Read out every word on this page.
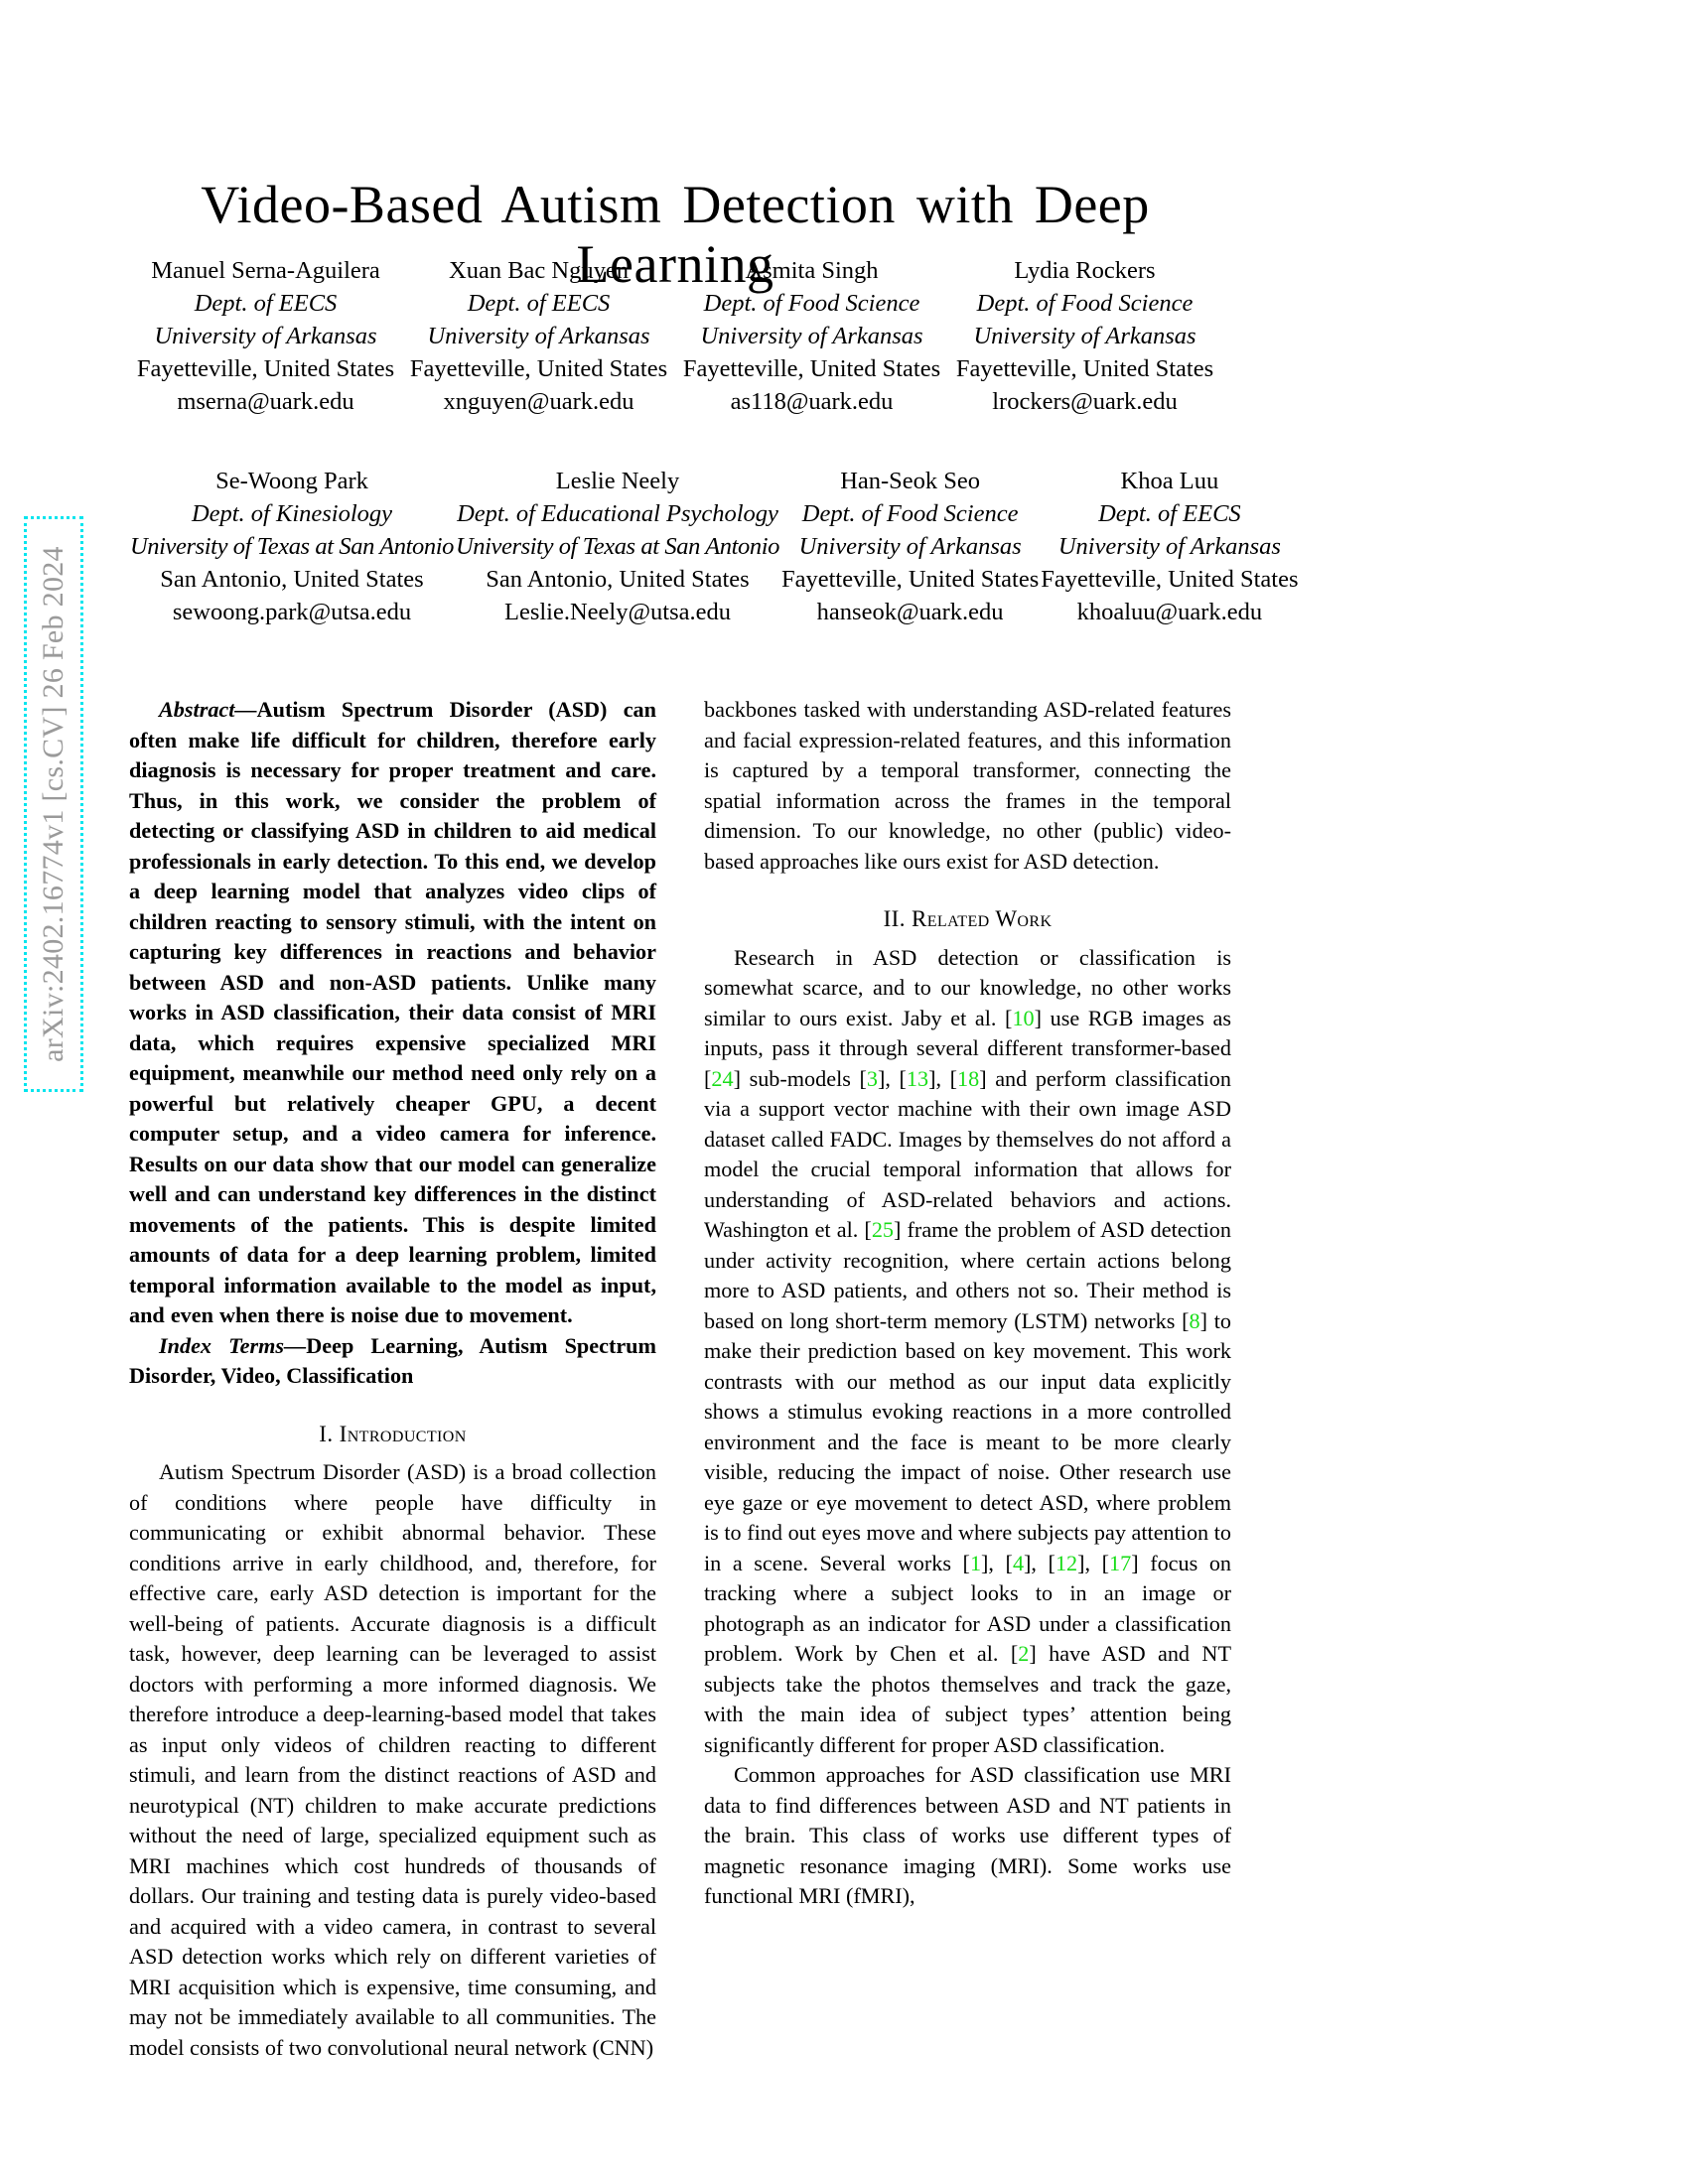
arXiv:2402.16774v1 [cs.CV] 26 Feb 2024
Video-Based Autism Detection with Deep Learning
Manuel Serna-Aguilera
Dept. of EECS
University of Arkansas
Fayetteville, United States
mserna@uark.edu
Xuan Bac Nguyen
Dept. of EECS
University of Arkansas
Fayetteville, United States
xnguyen@uark.edu
Asmita Singh
Dept. of Food Science
University of Arkansas
Fayetteville, United States
as118@uark.edu
Lydia Rockers
Dept. of Food Science
University of Arkansas
Fayetteville, United States
lrockers@uark.edu
Se-Woong Park
Dept. of Kinesiology
University of Texas at San Antonio
San Antonio, United States
sewoong.park@utsa.edu
Leslie Neely
Dept. of Educational Psychology
University of Texas at San Antonio
San Antonio, United States
Leslie.Neely@utsa.edu
Han-Seok Seo
Dept. of Food Science
University of Arkansas
Fayetteville, United States
hanseok@uark.edu
Khoa Luu
Dept. of EECS
University of Arkansas
Fayetteville, United States
khoaluu@uark.edu

Abstract—Autism Spectrum Disorder (ASD) can often make life difficult for children, therefore early diagnosis is necessary for proper treatment and care. Thus, in this work, we consider the problem of detecting or classifying ASD in children to aid medical professionals in early detection. To this end, we develop a deep learning model that analyzes video clips of children reacting to sensory stimuli, with the intent on capturing key differences in reactions and behavior between ASD and non-ASD patients. Unlike many works in ASD classification, their data consist of MRI data, which requires expensive specialized MRI equipment, meanwhile our method need only rely on a powerful but relatively cheaper GPU, a decent computer setup, and a video camera for inference. Results on our data show that our model can generalize well and can understand key differences in the distinct movements of the patients. This is despite limited amounts of data for a deep learning problem, limited temporal information available to the model as input, and even when there is noise due to movement.

Index Terms—Deep Learning, Autism Spectrum Disorder, Video, Classification

I. Introduction

Autism Spectrum Disorder (ASD) is a broad collection of conditions where people have difficulty in communicating or exhibit abnormal behavior. These conditions arrive in early childhood, and, therefore, for effective care, early ASD detection is important for the well-being of patients. Accurate diagnosis is a difficult task, however, deep learning can be leveraged to assist doctors with performing a more informed diagnosis. We therefore introduce a deep-learning-based model that takes as input only videos of children reacting to different stimuli, and learn from the distinct reactions of ASD and neurotypical (NT) children to make accurate predictions without the need of large, specialized equipment such as MRI machines which cost hundreds of thousands of dollars. Our training and testing data is purely video-based and acquired with a video camera, in contrast to several ASD detection works which rely on different varieties of MRI acquisition which is expensive, time consuming, and may not be immediately available to all communities. The model consists of two convolutional neural network (CNN)

backbones tasked with understanding ASD-related features and facial expression-related features, and this information is captured by a temporal transformer, connecting the spatial information across the frames in the temporal dimension. To our knowledge, no other (public) video-based approaches like ours exist for ASD detection.

II. Related Work

Research in ASD detection or classification is somewhat scarce, and to our knowledge, no other works similar to ours exist. Jaby et al. [10] use RGB images as inputs, pass it through several different transformer-based [24] sub-models [3], [13], [18] and perform classification via a support vector machine with their own image ASD dataset called FADC. Images by themselves do not afford a model the crucial temporal information that allows for understanding of ASD-related behaviors and actions. Washington et al. [25] frame the problem of ASD detection under activity recognition, where certain actions belong more to ASD patients, and others not so. Their method is based on long short-term memory (LSTM) networks [8] to make their prediction based on key movement. This work contrasts with our method as our input data explicitly shows a stimulus evoking reactions in a more controlled environment and the face is meant to be more clearly visible, reducing the impact of noise. Other research use eye gaze or eye movement to detect ASD, where problem is to find out eyes move and where subjects pay attention to in a scene. Several works [1], [4], [12], [17] focus on tracking where a subject looks to in an image or photograph as an indicator for ASD under a classification problem. Work by Chen et al. [2] have ASD and NT subjects take the photos themselves and track the gaze, with the main idea of subject types’ attention being significantly different for proper ASD classification.

Common approaches for ASD classification use MRI data to find differences between ASD and NT patients in the brain. This class of works use different types of magnetic resonance imaging (MRI). Some works use functional MRI (fMRI),
